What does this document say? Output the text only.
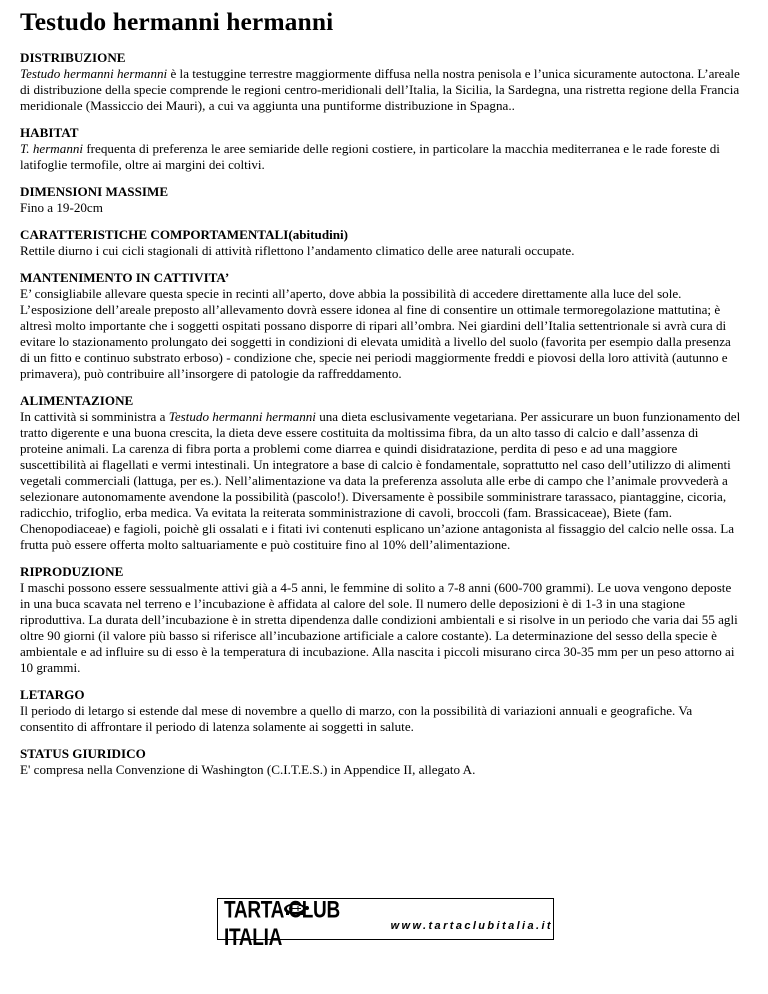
Testudo hermanni hermanni

DISTRIBUZIONE

Testudo hermanni hermanni è la testuggine terrestre maggiormente diffusa nella nostra penisola e l’unica sicuramente autoctona. L’areale di distribuzione della specie comprende le regioni centro-meridionali dell’Italia, la Sicilia, la Sardegna, una ristretta regione della Francia meridionale (Massiccio dei Mauri), a cui va aggiunta una puntiforme distribuzione in Spagna..

HABITAT

T. hermanni frequenta di preferenza le aree semiaride delle regioni costiere, in particolare la macchia mediterranea e le rade foreste di latifoglie termofile, oltre ai margini dei coltivi.

DIMENSIONI MASSIME

Fino a 19-20cm

CARATTERISTICHE COMPORTAMENTALI(abitudini)

Rettile diurno i cui cicli stagionali di attività riflettono l’andamento climatico delle aree naturali occupate.

MANTENIMENTO IN CATTIVITA’

E’ consigliabile allevare questa specie in recinti all’aperto, dove abbia la possibilità di accedere direttamente alla luce del sole. L’esposizione dell’areale preposto all’allevamento dovrà essere idonea al fine di consentire un ottimale termoregolazione mattutina; è altresì molto importante che i soggetti ospitati possano disporre di ripari all’ombra. Nei giardini dell’Italia settentrionale si avrà cura di evitare lo stazionamento prolungato dei soggetti in condizioni di elevata umidità a livello del suolo (favorita per esempio dalla presenza di un fitto e continuo substrato erboso) - condizione che, specie nei periodi maggiormente freddi e piovosi della loro attività (autunno e primavera), può contribuire all’insorgere di patologie da raffreddamento.

ALIMENTAZIONE

In cattività si somministra a Testudo hermanni hermanni una dieta esclusivamente vegetariana. Per assicurare un buon funzionamento del tratto digerente e una buona crescita, la dieta deve essere costituita da moltissima fibra, da un alto tasso di calcio e dall’assenza di proteine animali. La carenza di fibra porta a problemi come diarrea e quindi disidratazione, perdita di peso e ad una maggiore suscettibilità ai flagellati e vermi intestinali. Un integratore a base di calcio è fondamentale, soprattutto nel caso dell’utilizzo di alimenti vegetali commerciali (lattuga, per es.). Nell’alimentazione va data la preferenza assoluta alle erbe di campo che l’animale provvederà a selezionare autonomamente avendone la possibilità (pascolo!). Diversamente è possibile somministrare tarassaco, piantaggine, cicoria, radicchio, trifoglio, erba medica. Va evitata la reiterata somministrazione di cavoli, broccoli (fam. Brassicaceae), Biete (fam. Chenopodiaceae) e fagioli, poichè gli ossalati e i fitati ivi contenuti esplicano un’azione antagonista al fissaggio del calcio nelle ossa. La frutta può essere offerta molto saltuariamente e può costituire fino al 10% dell’alimentazione.

RIPRODUZIONE

I maschi possono essere sessualmente attivi già a 4-5 anni, le femmine di solito a 7-8 anni (600-700 grammi). Le uova vengono deposte in una buca scavata nel terreno e l’incubazione è affidata al calore del sole. Il numero delle deposizioni è di 1-3 in una stagione riproduttiva. La durata dell’incubazione è in stretta dipendenza dalle condizioni ambientali e si risolve in un periodo che varia dai 55 agli oltre 90 giorni (il valore più basso si riferisce all’incubazione artificiale a calore costante). La determinazione del sesso della specie è ambientale e ad influire su di esso è la temperatura di incubazione. Alla nascita i piccoli misurano circa 30-35 mm per un peso attorno ai 10 grammi.

LETARGO

Il periodo di letargo si estende dal mese di novembre a quello di marzo, con la possibilità di variazioni annuali e geografiche. Va consentito di affrontare il periodo di latenza solamente ai soggetti in salute.

STATUS GIURIDICO

E' compresa nella Convenzione di Washington (C.I.T.E.S.) in Appendice II, allegato A.

TARTA CLUB ITALIA	www.tartaclubitalia.it
